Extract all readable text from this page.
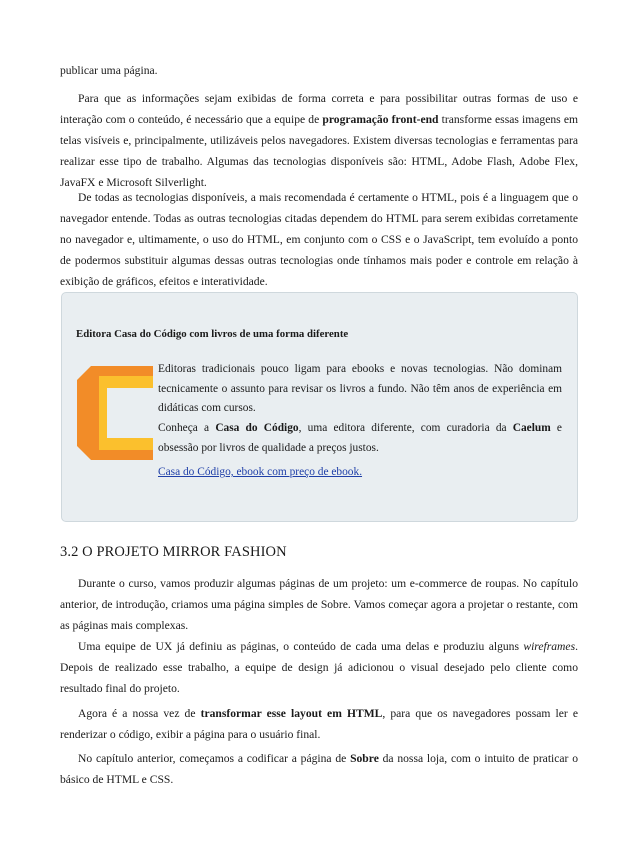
publicar uma página.

Para que as informações sejam exibidas de forma correta e para possibilitar outras formas de uso e interação com o conteúdo, é necessário que a equipe de programação front-end transforme essas imagens em telas visíveis e, principalmente, utilizáveis pelos navegadores. Existem diversas tecnologias e ferramentas para realizar esse tipo de trabalho. Algumas das tecnologias disponíveis são: HTML, Adobe Flash, Adobe Flex, JavaFX e Microsoft Silverlight.

De todas as tecnologias disponíveis, a mais recomendada é certamente o HTML, pois é a linguagem que o navegador entende. Todas as outras tecnologias citadas dependem do HTML para serem exibidas corretamente no navegador e, ultimamente, o uso do HTML, em conjunto com o CSS e o JavaScript, tem evoluído a ponto de podermos substituir algumas dessas outras tecnologias onde tínhamos mais poder e controle em relação à exibição de gráficos, efeitos e interatividade.

Editora Casa do Código com livros de uma forma diferente

Editoras tradicionais pouco ligam para ebooks e novas tecnologias. Não dominam tecnicamente o assunto para revisar os livros a fundo. Não têm anos de experiência em didáticas com cursos.

Conheça a Casa do Código, uma editora diferente, com curadoria da Caelum e obsessão por livros de qualidade a preços justos.

Casa do Código, ebook com preço de ebook.
3.2 O PROJETO MIRROR FASHION

Durante o curso, vamos produzir algumas páginas de um projeto: um e-commerce de roupas. No capítulo anterior, de introdução, criamos uma página simples de Sobre. Vamos começar agora a projetar o restante, com as páginas mais complexas.

Uma equipe de UX já definiu as páginas, o conteúdo de cada uma delas e produziu alguns wireframes. Depois de realizado esse trabalho, a equipe de design já adicionou o visual desejado pelo cliente como resultado final do projeto.

Agora é a nossa vez de transformar esse layout em HTML, para que os navegadores possam ler e renderizar o código, exibir a página para o usuário final.

No capítulo anterior, começamos a codificar a página de Sobre da nossa loja, com o intuito de praticar o básico de HTML e CSS.
